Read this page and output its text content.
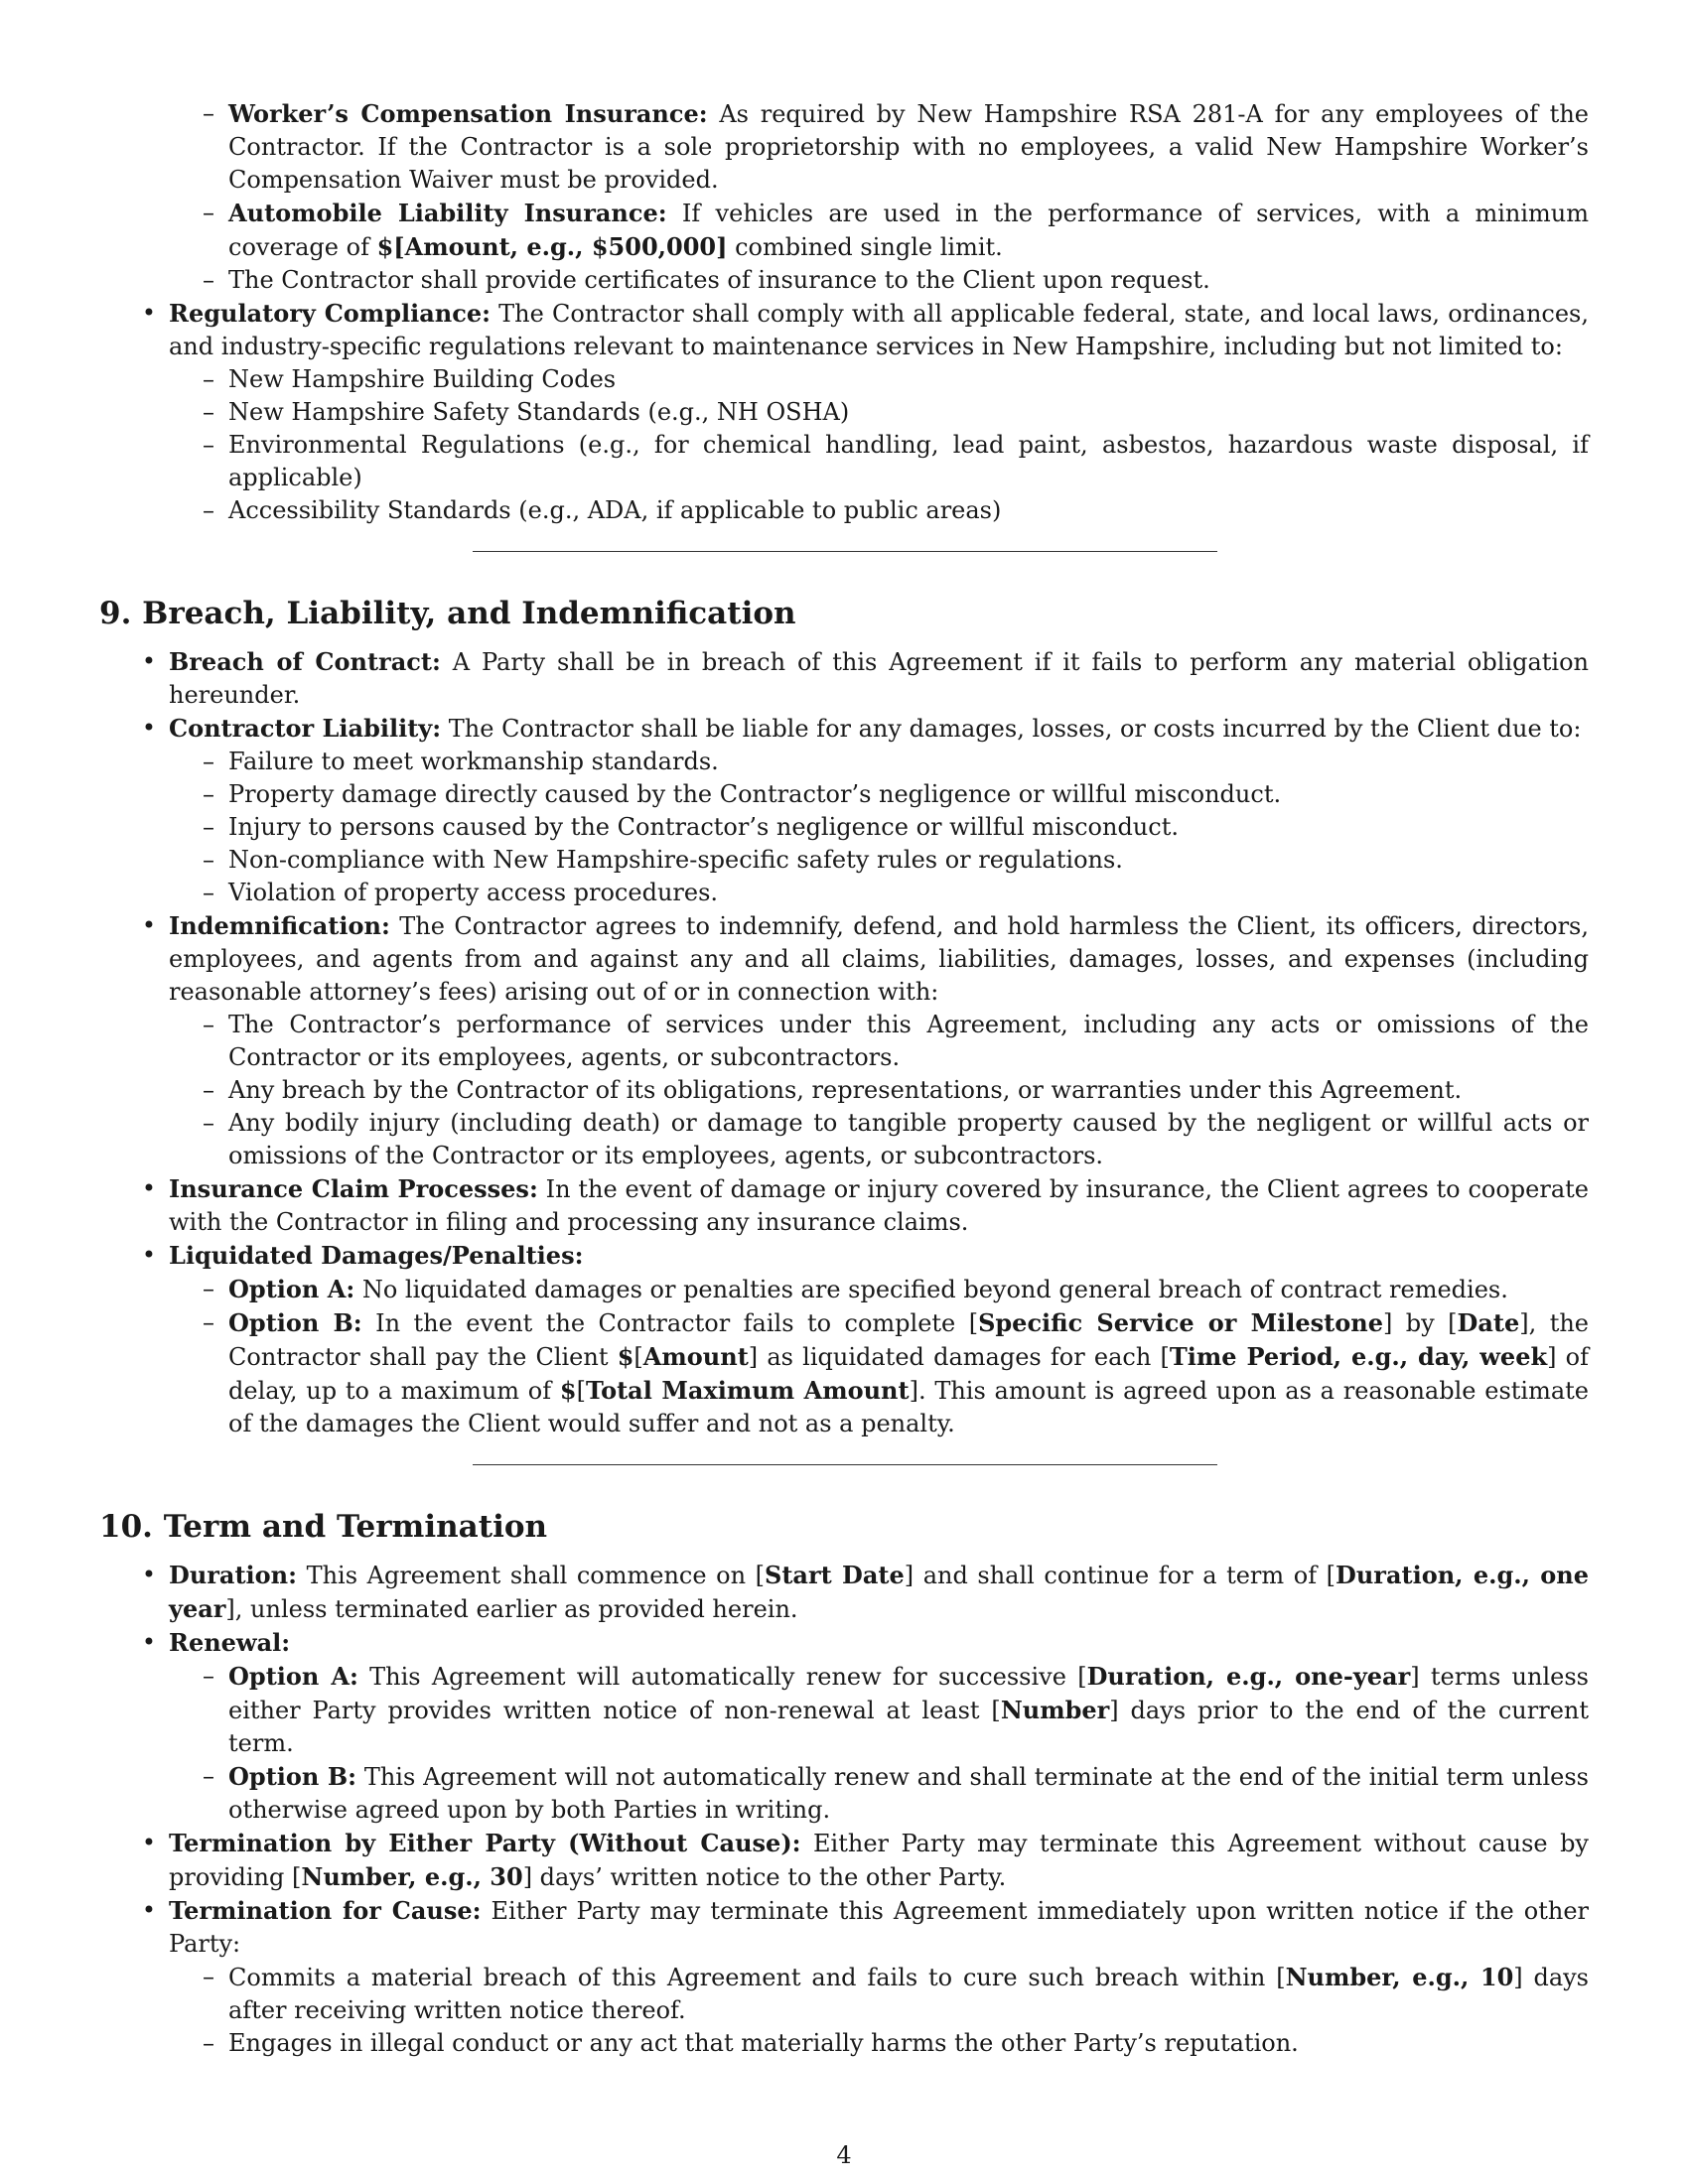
– Worker’s Compensation Insurance: As required by New Hampshire RSA 281-A for any employees of the Contractor. If the Contractor is a sole proprietorship with no employees, a valid New Hampshire Worker’s Compensation Waiver must be provided.
– Automobile Liability Insurance: If vehicles are used in the performance of services, with a minimum coverage of $[Amount, e.g., $500,000] combined single limit.
– The Contractor shall provide certificates of insurance to the Client upon request.
• Regulatory Compliance: The Contractor shall comply with all applicable federal, state, and local laws, ordinances, and industry-specific regulations relevant to maintenance services in New Hampshire, including but not limited to:
– New Hampshire Building Codes
– New Hampshire Safety Standards (e.g., NH OSHA)
– Environmental Regulations (e.g., for chemical handling, lead paint, asbestos, hazardous waste disposal, if applicable)
– Accessibility Standards (e.g., ADA, if applicable to public areas)
9. Breach, Liability, and Indemnification
• Breach of Contract: A Party shall be in breach of this Agreement if it fails to perform any material obligation hereunder.
• Contractor Liability: The Contractor shall be liable for any damages, losses, or costs incurred by the Client due to:
– Failure to meet workmanship standards.
– Property damage directly caused by the Contractor’s negligence or willful misconduct.
– Injury to persons caused by the Contractor’s negligence or willful misconduct.
– Non-compliance with New Hampshire-specific safety rules or regulations.
– Violation of property access procedures.
• Indemnification: The Contractor agrees to indemnify, defend, and hold harmless the Client, its officers, directors, employees, and agents from and against any and all claims, liabilities, damages, losses, and expenses (including reasonable attorney’s fees) arising out of or in connection with:
– The Contractor’s performance of services under this Agreement, including any acts or omissions of the Contractor or its employees, agents, or subcontractors.
– Any breach by the Contractor of its obligations, representations, or warranties under this Agreement.
– Any bodily injury (including death) or damage to tangible property caused by the negligent or willful acts or omissions of the Contractor or its employees, agents, or subcontractors.
• Insurance Claim Processes: In the event of damage or injury covered by insurance, the Client agrees to cooperate with the Contractor in filing and processing any insurance claims.
• Liquidated Damages/Penalties:
– Option A: No liquidated damages or penalties are specified beyond general breach of contract remedies.
– Option B: In the event the Contractor fails to complete [Specific Service or Milestone] by [Date], the Contractor shall pay the Client $[Amount] as liquidated damages for each [Time Period, e.g., day, week] of delay, up to a maximum of $[Total Maximum Amount]. This amount is agreed upon as a reasonable estimate of the damages the Client would suffer and not as a penalty.
10. Term and Termination
• Duration: This Agreement shall commence on [Start Date] and shall continue for a term of [Duration, e.g., one year], unless terminated earlier as provided herein.
• Renewal:
– Option A: This Agreement will automatically renew for successive [Duration, e.g., one-year] terms unless either Party provides written notice of non-renewal at least [Number] days prior to the end of the current term.
– Option B: This Agreement will not automatically renew and shall terminate at the end of the initial term unless otherwise agreed upon by both Parties in writing.
• Termination by Either Party (Without Cause): Either Party may terminate this Agreement without cause by providing [Number, e.g., 30] days’ written notice to the other Party.
• Termination for Cause: Either Party may terminate this Agreement immediately upon written notice if the other Party:
– Commits a material breach of this Agreement and fails to cure such breach within [Number, e.g., 10] days after receiving written notice thereof.
– Engages in illegal conduct or any act that materially harms the other Party’s reputation.
4
